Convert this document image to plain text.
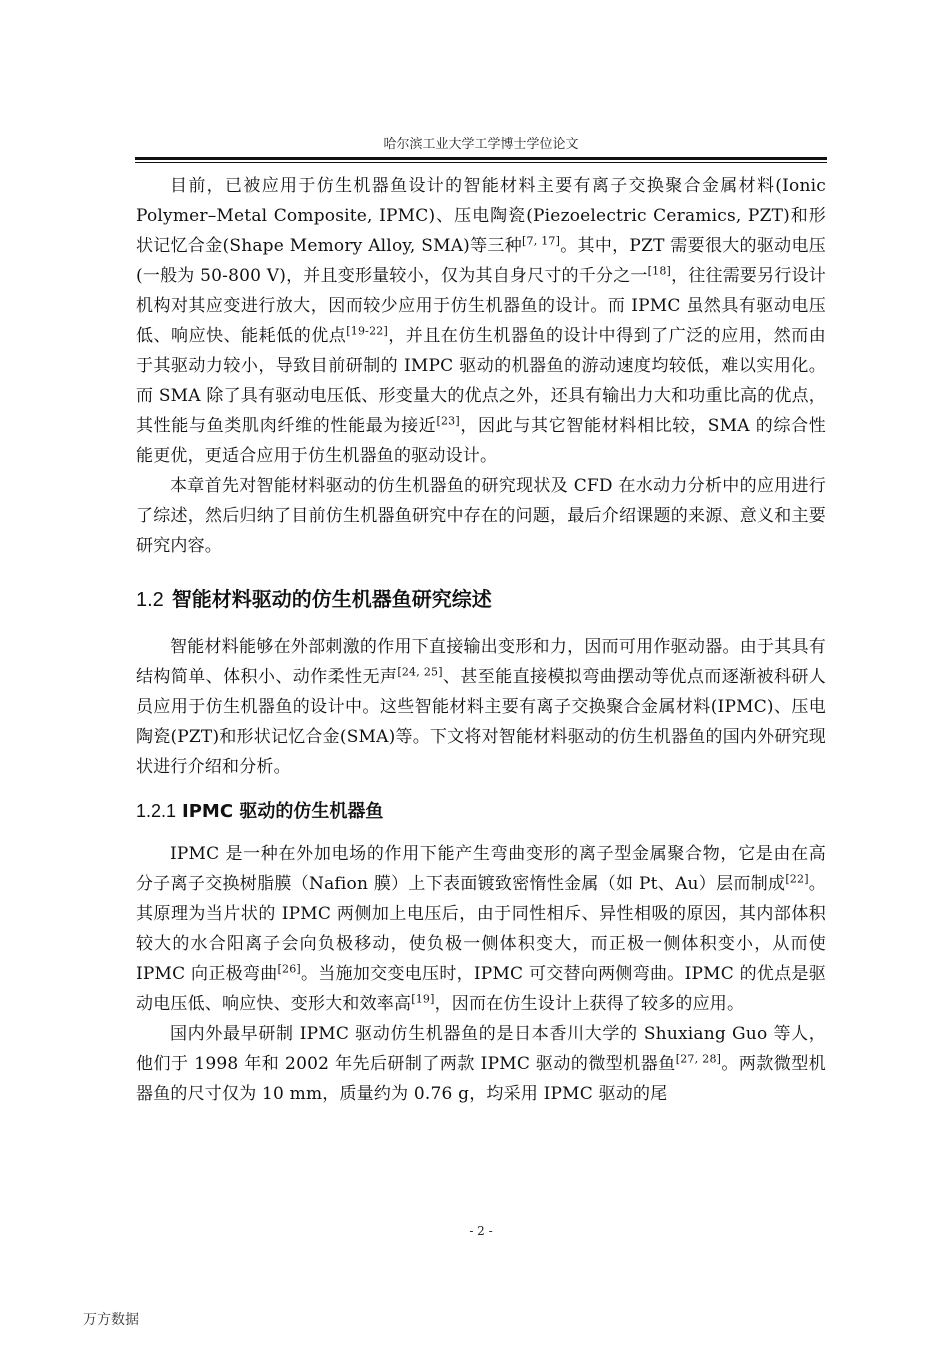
哈尔滨工业大学工学博士学位论文

目前，已被应用于仿生机器鱼设计的智能材料主要有离子交换聚合金属材料(Ionic Polymer–Metal Composite, IPMC)、压电陶瓷(Piezoelectric Ceramics, PZT)和形状记忆合金(Shape Memory Alloy, SMA)等三种[7, 17]。其中，PZT 需要很大的驱动电压(一般为 50-800 V)，并且变形量较小，仅为其自身尺寸的千分之一[18]，往往需要另行设计机构对其应变进行放大，因而较少应用于仿生机器鱼的设计。而 IPMC 虽然具有驱动电压低、响应快、能耗低的优点[19-22]，并且在仿生机器鱼的设计中得到了广泛的应用，然而由于其驱动力较小，导致目前研制的 IMPC 驱动的机器鱼的游动速度均较低，难以实用化。而 SMA 除了具有驱动电压低、形变量大的优点之外，还具有输出力大和功重比高的优点，其性能与鱼类肌肉纤维的性能最为接近[23]，因此与其它智能材料相比较，SMA 的综合性能更优，更适合应用于仿生机器鱼的驱动设计。

本章首先对智能材料驱动的仿生机器鱼的研究现状及 CFD 在水动力分析中的应用进行了综述，然后归纳了目前仿生机器鱼研究中存在的问题，最后介绍课题的来源、意义和主要研究内容。

1.2 智能材料驱动的仿生机器鱼研究综述

智能材料能够在外部刺激的作用下直接输出变形和力，因而可用作驱动器。由于其具有结构简单、体积小、动作柔性无声[24, 25]、甚至能直接模拟弯曲摆动等优点而逐渐被科研人员应用于仿生机器鱼的设计中。这些智能材料主要有离子交换聚合金属材料(IPMC)、压电陶瓷(PZT)和形状记忆合金(SMA)等。下文将对智能材料驱动的仿生机器鱼的国内外研究现状进行介绍和分析。

1.2.1 IPMC 驱动的仿生机器鱼

IPMC 是一种在外加电场的作用下能产生弯曲变形的离子型金属聚合物，它是由在高分子离子交换树脂膜（Nafion 膜）上下表面镀致密惰性金属（如 Pt、Au）层而制成[22]。其原理为当片状的 IPMC 两侧加上电压后，由于同性相斥、异性相吸的原因，其内部体积较大的水合阳离子会向负极移动，使负极一侧体积变大，而正极一侧体积变小，从而使 IPMC 向正极弯曲[26]。当施加交变电压时，IPMC 可交替向两侧弯曲。IPMC 的优点是驱动电压低、响应快、变形大和效率高[19]，因而在仿生设计上获得了较多的应用。

国内外最早研制 IPMC 驱动仿生机器鱼的是日本香川大学的 Shuxiang Guo 等人，他们于 1998 年和 2002 年先后研制了两款 IPMC 驱动的微型机器鱼[27, 28]。两款微型机器鱼的尺寸仅为 10 mm，质量约为 0.76 g，均采用 IPMC 驱动的尾

- 2 -
万方数据
